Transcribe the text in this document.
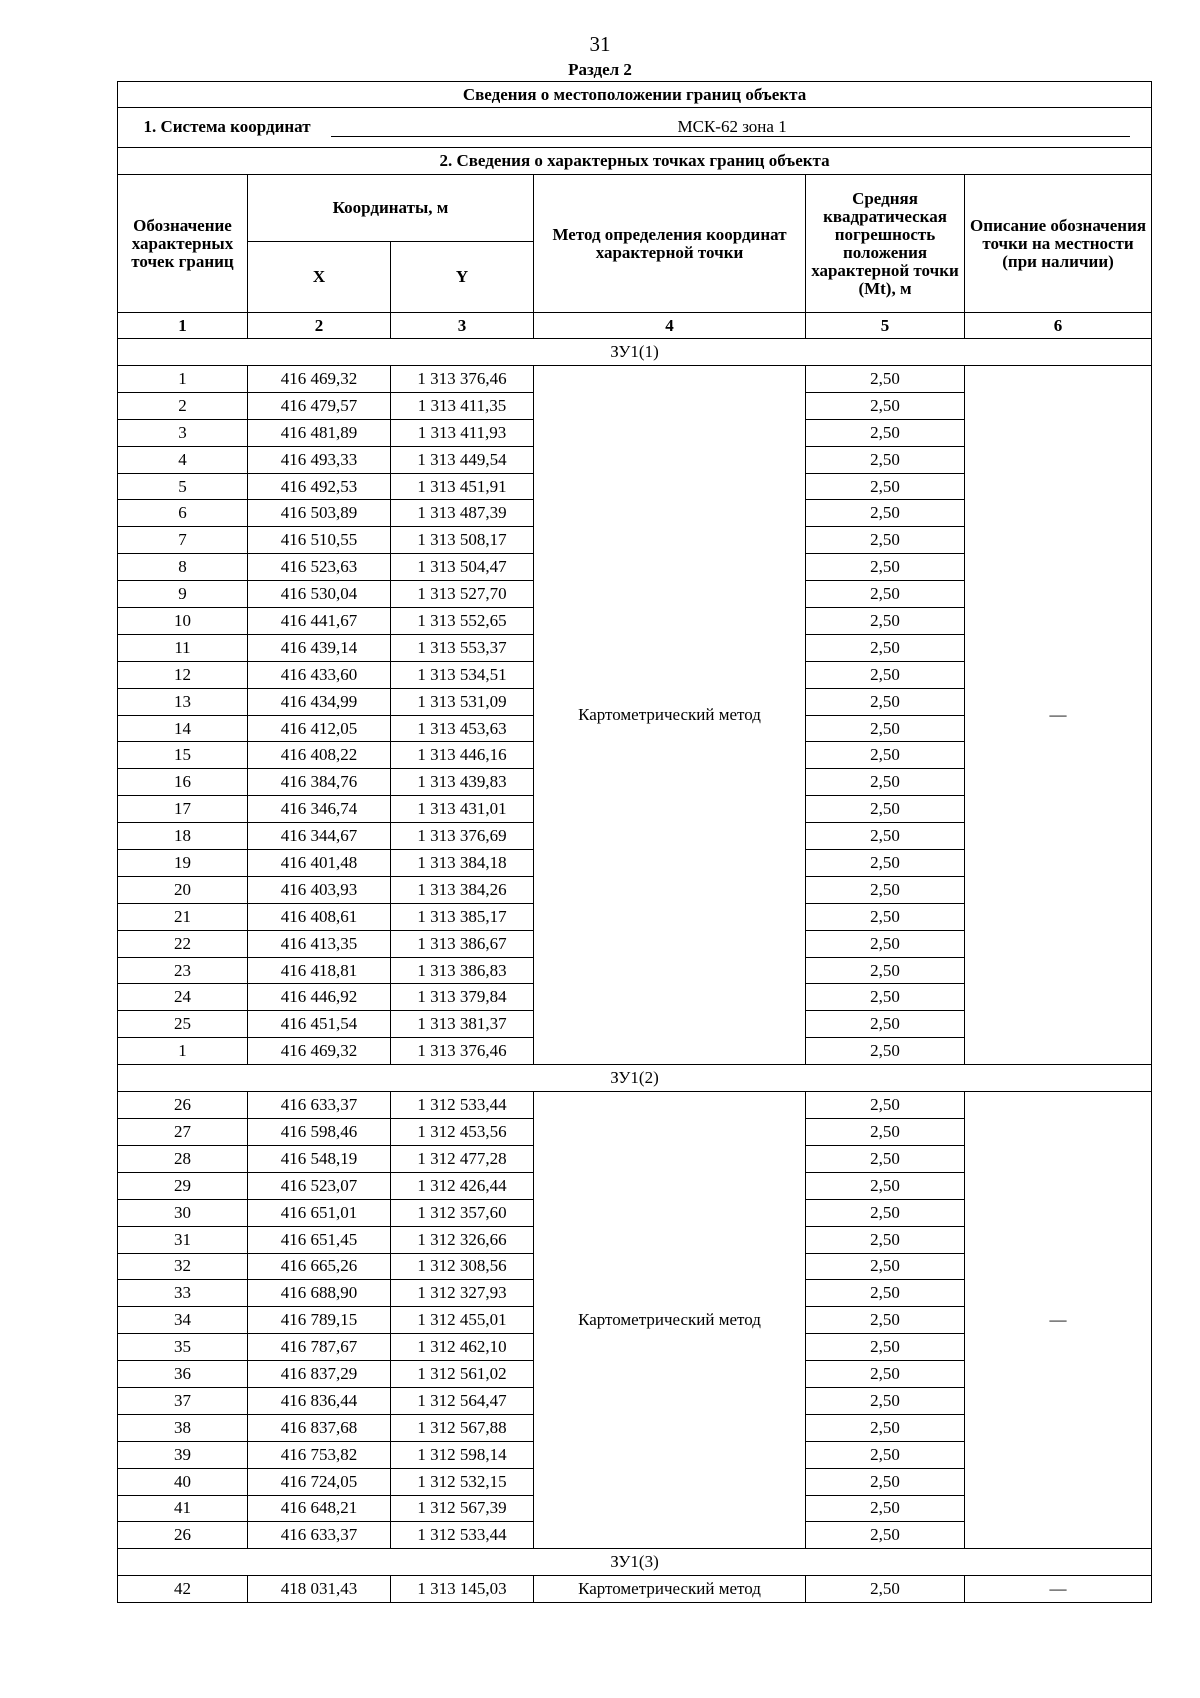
31
Раздел 2
Сведения о местоположении границ объекта					
1. Система координат МСК-62 зона 1					
2. Сведения о характерных точках границ объекта					
Обозначение характерных точек границ	Координаты, м		Метод определения координат характерной точки	Средняя квадратическая погрешность положения характерной точки (Mt), м	Описание обозначения точки на местности (при наличии)
	X	Y			
1	2	3	4	5	6
ЗУ1(1)					
1	416 469,32	1 313 376,46	Картометрический метод	2,50	—
2	416 479,57	1 313 411,35		2,50	
3	416 481,89	1 313 411,93		2,50	
4	416 493,33	1 313 449,54		2,50	
5	416 492,53	1 313 451,91		2,50	
6	416 503,89	1 313 487,39		2,50	
7	416 510,55	1 313 508,17		2,50	
8	416 523,63	1 313 504,47		2,50	
9	416 530,04	1 313 527,70		2,50	
10	416 441,67	1 313 552,65		2,50	
11	416 439,14	1 313 553,37		2,50	
12	416 433,60	1 313 534,51		2,50	
13	416 434,99	1 313 531,09		2,50	
14	416 412,05	1 313 453,63		2,50	
15	416 408,22	1 313 446,16		2,50	
16	416 384,76	1 313 439,83		2,50	
17	416 346,74	1 313 431,01		2,50	
18	416 344,67	1 313 376,69		2,50	
19	416 401,48	1 313 384,18		2,50	
20	416 403,93	1 313 384,26		2,50	
21	416 408,61	1 313 385,17		2,50	
22	416 413,35	1 313 386,67		2,50	
23	416 418,81	1 313 386,83		2,50	
24	416 446,92	1 313 379,84		2,50	
25	416 451,54	1 313 381,37		2,50	
1	416 469,32	1 313 376,46		2,50	
ЗУ1(2)					
26	416 633,37	1 312 533,44	Картометрический метод	2,50	—
27	416 598,46	1 312 453,56		2,50	
28	416 548,19	1 312 477,28		2,50	
29	416 523,07	1 312 426,44		2,50	
30	416 651,01	1 312 357,60		2,50	
31	416 651,45	1 312 326,66		2,50	
32	416 665,26	1 312 308,56		2,50	
33	416 688,90	1 312 327,93		2,50	
34	416 789,15	1 312 455,01		2,50	
35	416 787,67	1 312 462,10		2,50	
36	416 837,29	1 312 561,02		2,50	
37	416 836,44	1 312 564,47		2,50	
38	416 837,68	1 312 567,88		2,50	
39	416 753,82	1 312 598,14		2,50	
40	416 724,05	1 312 532,15		2,50	
41	416 648,21	1 312 567,39		2,50	
26	416 633,37	1 312 533,44		2,50	
ЗУ1(3)					
42	418 031,43	1 313 145,03	Картометрический метод	2,50	—
